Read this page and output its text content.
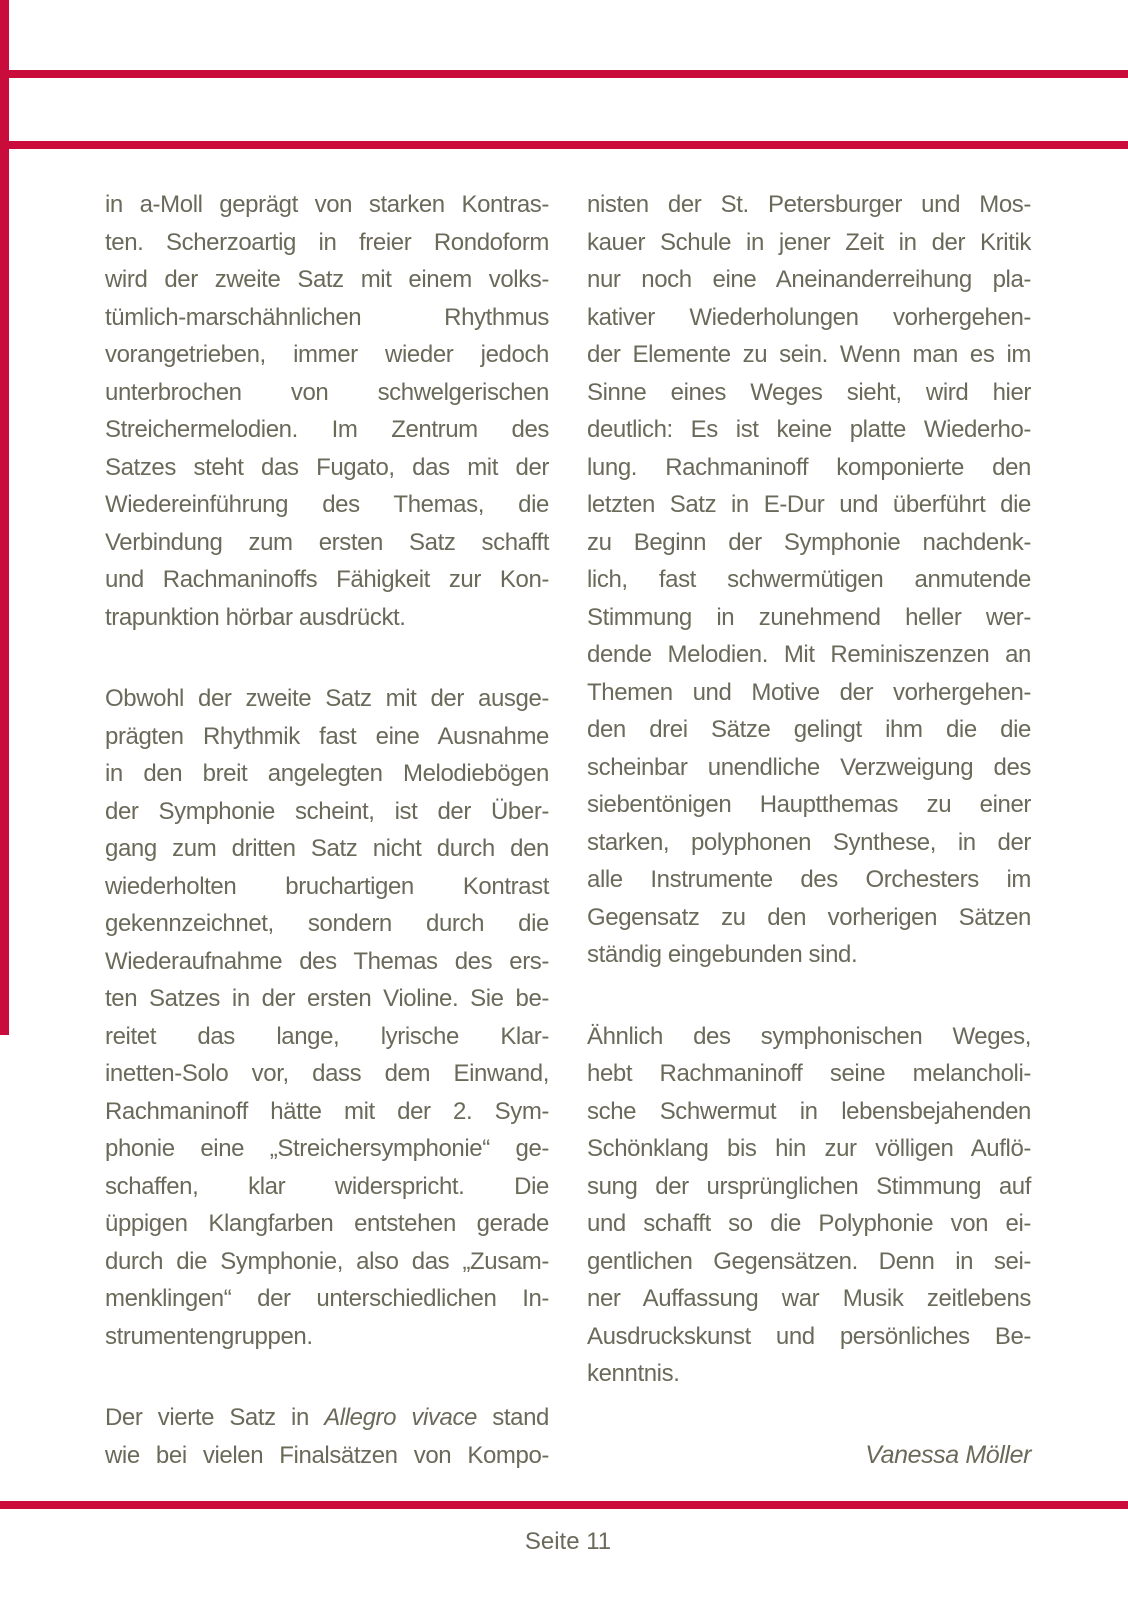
in a-Moll geprägt von starken Kontras-
ten. Scherzoartig in freier Rondoform
wird der zweite Satz mit einem volks-
tümlich-marschähnlichen Rhythmus
vorangetrieben, immer wieder jedoch
unterbrochen von schwelgerischen
Streichermelodien. Im Zentrum des
Satzes steht das Fugato, das mit der
Wiedereinführung des Themas, die
Verbindung zum ersten Satz schafft
und Rachmaninoffs Fähigkeit zur Kon-
trapunktion hörbar ausdrückt.
Obwohl der zweite Satz mit der ausge-
prägten Rhythmik fast eine Ausnahme
in den breit angelegten Melodiebögen
der Symphonie scheint, ist der Über-
gang zum dritten Satz nicht durch den
wiederholten bruchartigen Kontrast
gekennzeichnet, sondern durch die
Wiederaufnahme des Themas des ers-
ten Satzes in der ersten Violine. Sie be-
reitet das lange, lyrische Klar-
inetten-Solo vor, dass dem Einwand,
Rachmaninoff hätte mit der 2. Sym-
phonie eine „Streichersymphonie“ ge-
schaffen, klar widerspricht. Die
üppigen Klangfarben entstehen gerade
durch die Symphonie, also das „Zusam-
menklingen“ der unterschiedlichen In-
strumentengruppen.
Der vierte Satz in Allegro vivace stand
wie bei vielen Finalsätzen von Kompo-
nisten der St. Petersburger und Mos-
kauer Schule in jener Zeit in der Kritik
nur noch eine Aneinanderreihung pla-
kativer Wiederholungen vorhergehen-
der Elemente zu sein. Wenn man es im
Sinne eines Weges sieht, wird hier
deutlich: Es ist keine platte Wiederho-
lung. Rachmaninoff komponierte den
letzten Satz in E-Dur und überführt die
zu Beginn der Symphonie nachdenk-
lich, fast schwermütigen anmutende
Stimmung in zunehmend heller wer-
dende Melodien. Mit Reminiszenzen an
Themen und Motive der vorhergehen-
den drei Sätze gelingt ihm die die
scheinbar unendliche Verzweigung des
siebentönigen Hauptthemas zu einer
starken, polyphonen Synthese, in der
alle Instrumente des Orchesters im
Gegensatz zu den vorherigen Sätzen
ständig eingebunden sind.
Ähnlich des symphonischen Weges,
hebt Rachmaninoff seine melancholi-
sche Schwermut in lebensbejahenden
Schönklang bis hin zur völligen Auflö-
sung der ursprünglichen Stimmung auf
und schafft so die Polyphonie von ei-
gentlichen Gegensätzen. Denn in sei-
ner Auffassung war Musik zeitlebens
Ausdruckskunst und persönliches Be-
kenntnis.
Vanessa Möller
Seite 11
